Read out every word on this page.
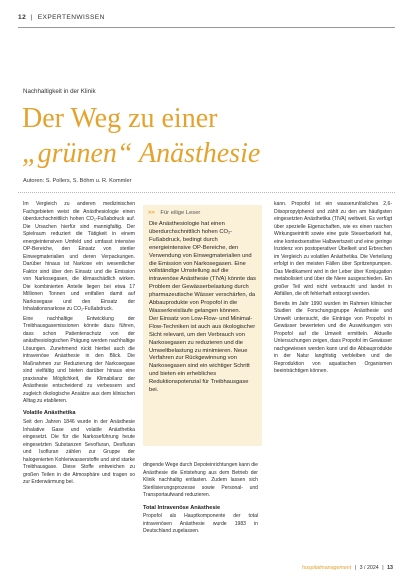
12 | EXPERTENWISSEN
Nachhaltigkeit in der Klinik
Der Weg zu einer
„grünen“ Anästhesie
Autoren: S. Pollers, S. Böhm u. R. Kommler

Im Vergleich zu anderen medizinischen Fachgebieten weist die Anästhesiologie einen überdurchschnittlich hohen CO₂-Fußabdruck auf. Die Ursachen hierfür sind mannigfaltig. Der Spielraum reduziert die Tätigkeit in einem energieintensiven Umfeld und umfasst intensive OP-Bereiche, den Einsatz von steriler Einwegmaterialien und deren Verpackungen. Darüber hinaus ist Narkose ein wesentlicher Faktor sind über den Einsatz und die Emission von Narkosegasen, die klimaschädlich wirken. Die kombinierten Anteile liegen bei etwa 17 Millionen Tonnen und entfallen damit auf Narkosegase und den Einsatz der Inhalationsnarkose zu CO₂-Fußabdruck.

Eine nachhaltige Entwicklung der Treibhausgasemissionen könnte dazu führen, dass schon Patientenschutz von der anästhesiologischen Prägung werden nachhaltige Lösungen. Zunehmend rückt hierbei auch die intravenöse Anästhesie in den Blick. Die Maßnahmen zur Reduzierung der Narkosegase sind vielfältig und bieten darüber hinaus eine praxisnahe Möglichkeit, die Klimabilanz der Anästhesie entscheidend zu verbessern und zugleich ökologische Ansätze aus dem klinischen Alltag zu etablieren.

Volatile Anästhetika

Seit den Jahren 1846 wurde in der Anästhesie Inhalative Gase und volatile Anästhetika eingesetzt. Die für die Narkoseführung heute eingesetzten Substanzen Sevofluran, Desfluran und Isofluran zählen zur Gruppe der halogenierten Kohlenwasserstoffe und sind starke Treibhausgase. Diese Stoffe entweichen zu großen Teilen in die Atmosphäre und tragen so zur Erderwärmung bei.

>> Für eilige Leser

Die Anästhesiologie hat einen überdurchschnittlich hohen CO₂-Fußabdruck, bedingt durch energieintensive OP-Bereiche, den Verwendung von Einwegmaterialien und die Emission von Narkosegasen. Eine vollständige Umstellung auf die intravenöse Anästhesie (TIVA) könnte das Problem der Gewässerbelastung durch pharmazeutische Wässer verschärfen, da Abbauprodukte von Propofol in die Wasserkreisläufe gelangen können.

Der Einsatz von Low-Flow- und Minimal-Flow-Techniken ist auch aus ökologischer Sicht relevant, um den Verbrauch von Narkosegasen zu reduzieren und die Umweltbelastung zu minimieren. Neue Verfahren zur Rückgewinnung von Narkosegasen sind ein wichtiger Schritt und bieten ein erhebliches Reduktionspotenzial für Treibhausgase bei.

dingende Wege durch Depoteinrichtungen kann die Anästhesie die Entstehung aus dem Betrieb der Klinik nachhaltig entlasten. Zudem lassen sich Sterilisierungsprozesse sowie Personal- und Transportaufwand reduzieren.

Total Intravenöse Anästhesie

Propofol als Hauptkomponente der total intravenösen Anästhesie wurde 1983 in Deutschland zugelassen.

kann. Propofol ist ein wasserunlösliches 2,6-Diisopropylphenol und zählt zu den am häufigsten eingesetzten Anästhetika (TIVA) weltweit. Es verfügt über spezielle Eigenschaften, wie es einen raschen Wirkungseintritt sowie eine gute Steuerbarkeit hat, eine kontextsensitive Halbwertszeit und eine geringe Inzidenz von postoperativer Übelkeit und Erbrechen im Vergleich zu volatilen Anästhetika. Die Verteilung erfolgt in den meisten Fällen über Spritzenpumpen. Das Medikament wird in der Leber über Konjugation metabolisiert und über die Niere ausgeschieden. Ein großer Teil wird nicht verbraucht und landet in Abfällen, die oft fehlerhaft entsorgt werden.

Bereits im Jahr 1990 wurden im Rahmen klinischer Studien die Forschungsgruppe Anästhesie und Umwelt untersucht, die Einträge von Propofol in Gewässer bewerteten und die Auswirkungen von Propofol auf die Umwelt ermitteln. Aktuelle Untersuchungen zeigen, dass Propofol im Gewässer nachgewiesen werden kann und die Abbauprodukte in der Natur langfristig verbleiben und die Reproduktion von aquatischen Organismen beeinträchtigen können.

hospitalmanagement | 3 / 2024 | 13
